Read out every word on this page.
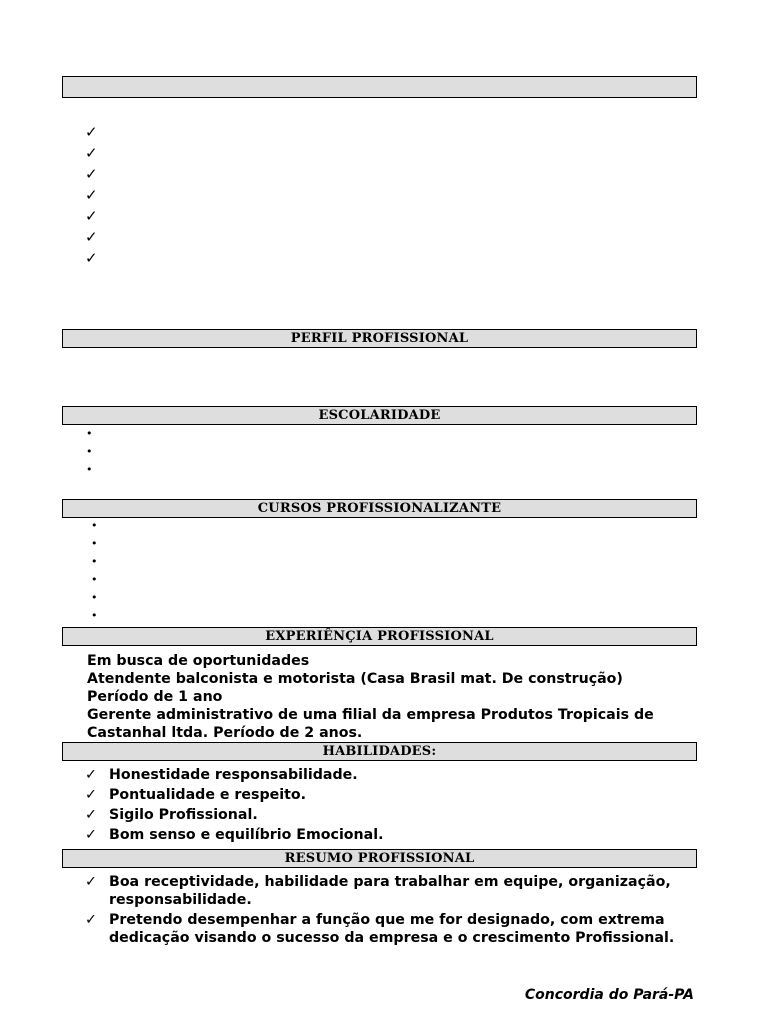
✓
✓
✓
✓
✓
✓
✓
PERFIL PROFISSIONAL
ESCOLARIDADE
•
•
•
CURSOS PROFISSIONALIZANTE
•
•
•
•
•
•
EXPERIÊNÇIA PROFISSIONAL
Em busca de oportunidades
Atendente balconista e motorista (Casa Brasil mat. De construção)
Período de 1 ano
Gerente administrativo de uma filial da empresa Produtos Tropicais de
Castanhal ltda. Período de 2 anos.
HABILIDADES:
✓ Honestidade responsabilidade.
✓ Pontualidade e respeito.
✓ Sigilo Profissional.
✓ Bom senso e equilíbrio Emocional.
RESUMO PROFISSIONAL
✓ Boa receptividade, habilidade para trabalhar em equipe, organização, responsabilidade.
✓ Pretendo desempenhar a função que me for designado, com extrema dedicação visando o sucesso da empresa e o crescimento Profissional.
Concordia do Pará-PA
